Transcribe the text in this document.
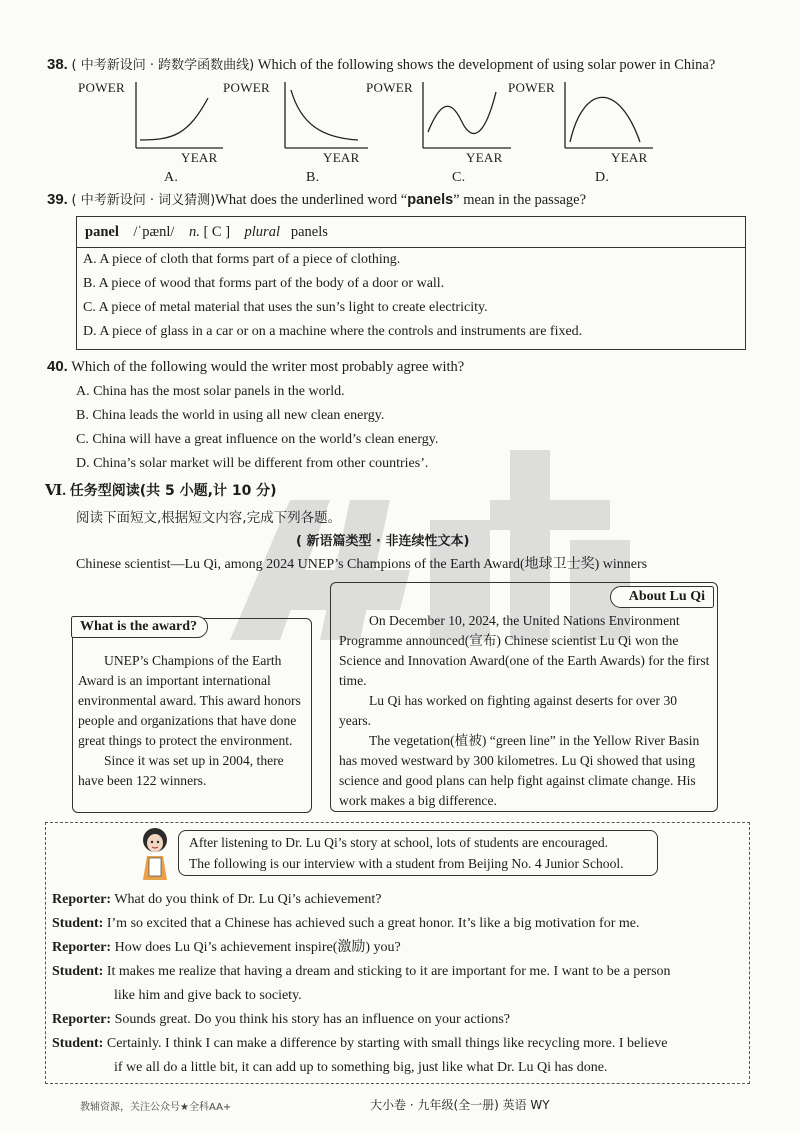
38. ( 中考新设问 · 跨数学函数曲线) Which of the following shows the development of using solar power in China?
POWER
YEAR
A.
POWER
YEAR
B.
POWER
YEAR
C.
POWER
YEAR
D.
39. ( 中考新设问 · 词义猜测)What does the underlined word “panels” mean in the passage?
panel /ˈpænl/ n. [ C ] plural panels
A. A piece of cloth that forms part of a piece of clothing.
B. A piece of wood that forms part of the body of a door or wall.
C. A piece of metal material that uses the sun’s light to create electricity.
D. A piece of glass in a car or on a machine where the controls and instruments are fixed.
40. Which of the following would the writer most probably agree with?
A. China has the most solar panels in the world.
B. China leads the world in using all new clean energy.
C. China will have a great influence on the world’s clean energy.
D. China’s solar market will be different from other countries’.
Ⅵ. 任务型阅读(共 5 小题,计 10 分)
阅读下面短文,根据短文内容,完成下列各题。
( 新语篇类型 · 非连续性文本)
Chinese scientist—Lu Qi, among 2024 UNEP’s Champions of the Earth Award(地球卫士奖) winners
What is the award?
UNEP’s Champions of the Earth Award is an important international environmental award. This award honors people and organizations that have done great things to protect the environment.
Since it was set up in 2004, there have been 122 winners.
About Lu Qi
On December 10, 2024, the United Nations Environment Programme announced(宣布) Chinese scientist Lu Qi won the Science and Innovation Award(one of the Earth Awards) for the first time.
Lu Qi has worked on fighting against deserts for over 30 years.
The vegetation(植被) “green line” in the Yellow River Basin has moved westward by 300 kilometres. Lu Qi showed that using science and good plans can help fight against climate change. His work makes a big difference.
After listening to Dr. Lu Qi’s story at school, lots of students are encouraged.
The following is our interview with a student from Beijing No. 4 Junior School.
Reporter: What do you think of Dr. Lu Qi’s achievement?
Student: I’m so excited that a Chinese has achieved such a great honor. It’s like a big motivation for me.
Reporter: How does Lu Qi’s achievement inspire(激励) you?
Student: It makes me realize that having a dream and sticking to it are important for me. I want to be a person
like him and give back to society.
Reporter: Sounds great. Do you think his story has an influence on your actions?
Student: Certainly. I think I can make a difference by starting with small things like recycling more. I believe
if we all do a little bit, it can add up to something big, just like what Dr. Lu Qi has done.
教辅资源，关注公众号★全科AA+	大小卷 · 九年级(全一册) 英语 WY
